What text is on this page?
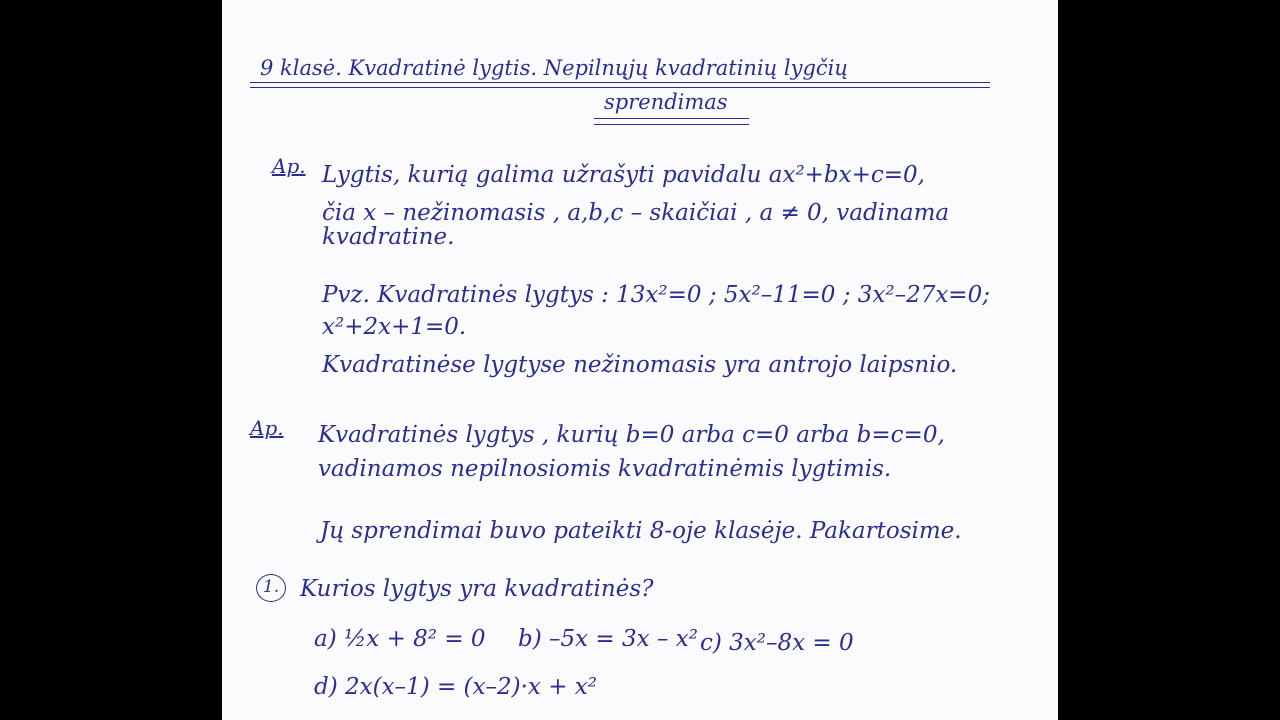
9 klasė. Kvadratinė lygtis. Nepilnųjų kvadratinių lygčių
sprendimas
Ap. Lygtis, kurią galima užrašyti pavidalu ax²+bx+c=0,
čia x – nežinomasis , a,b,c – skaičiai , a ≠ 0, vadinama
kvadratine.
Pvz. Kvadratinės lygtys : 13x²=0 ; 5x²–11=0 ; 3x²–27x=0;
x²+2x+1=0.
Kvadratinėse lygtyse nežinomasis yra antrojo laipsnio.
Ap. Kvadratinės lygtys , kurių b=0 arba c=0 arba b=c=0,
vadinamos nepilnosiomis kvadratinėmis lygtimis.
Jų sprendimai buvo pateikti 8-oje klasėje. Pakartosime.
1. Kurios lygtys yra kvadratinės?
a) ½x + 8² = 0 b) –5x = 3x – x² c) 3x²–8x = 0
d) 2x(x–1) = (x–2)·x + x²
